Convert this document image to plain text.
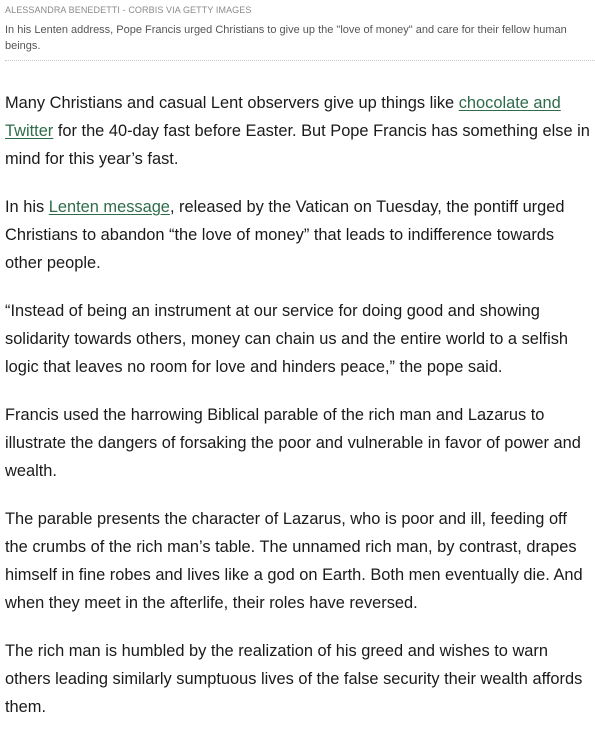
ALESSANDRA BENEDETTI - CORBIS VIA GETTY IMAGES
In his Lenten address, Pope Francis urged Christians to give up the "love of money" and care for their fellow human beings.

Many Christians and casual Lent observers give up things like chocolate and Twitter for the 40-day fast before Easter. But Pope Francis has something else in mind for this year’s fast.

In his Lenten message, released by the Vatican on Tuesday, the pontiff urged Christians to abandon “the love of money” that leads to indifference towards other people.

“Instead of being an instrument at our service for doing good and showing solidarity towards others, money can chain us and the entire world to a selfish logic that leaves no room for love and hinders peace,” the pope said.

Francis used the harrowing Biblical parable of the rich man and Lazarus to illustrate the dangers of forsaking the poor and vulnerable in favor of power and wealth.

The parable presents the character of Lazarus, who is poor and ill, feeding off the crumbs of the rich man’s table. The unnamed rich man, by contrast, drapes himself in fine robes and lives like a god on Earth. Both men eventually die. And when they meet in the afterlife, their roles have reversed.

The rich man is humbled by the realization of his greed and wishes to warn others leading similarly sumptuous lives of the false security their wealth affords them.
